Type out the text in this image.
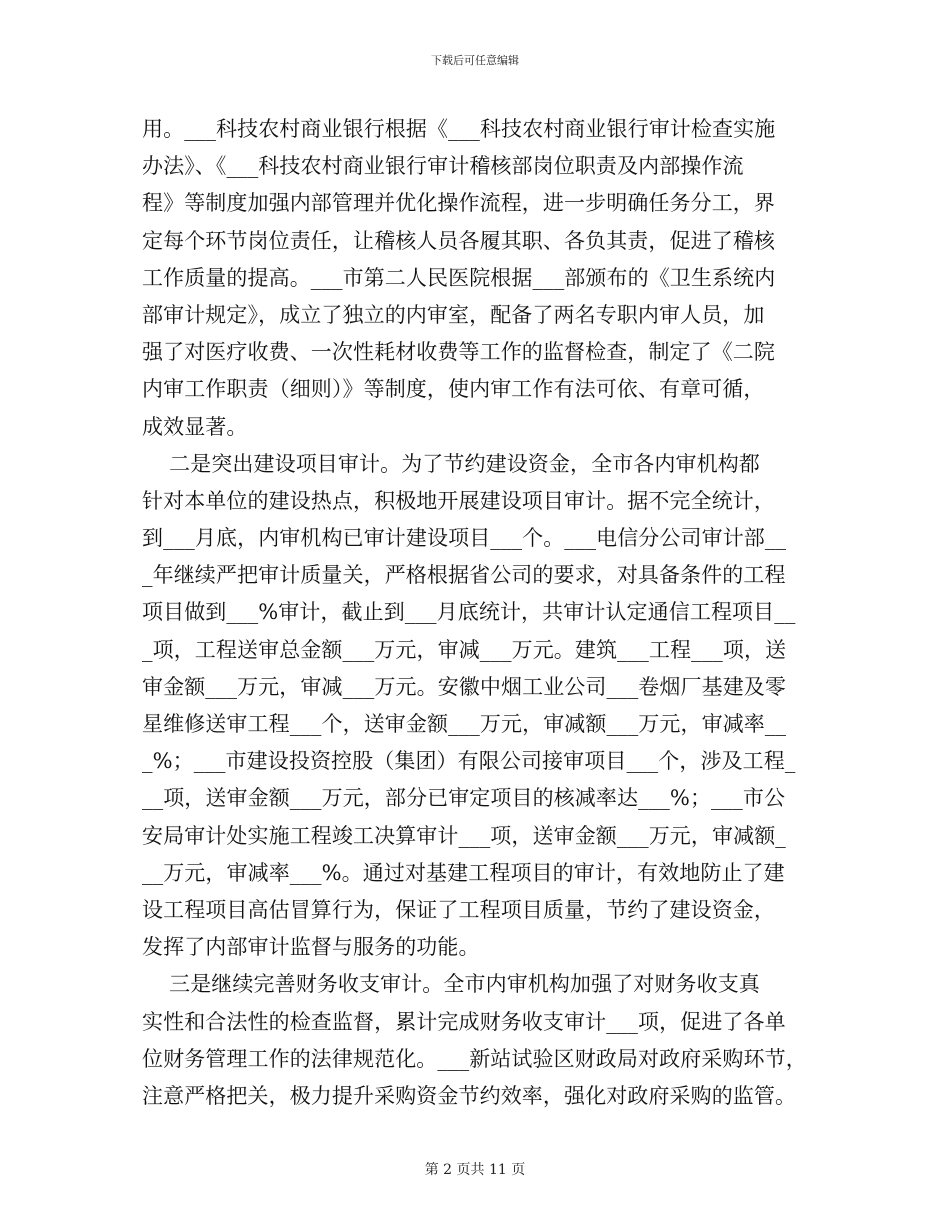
下载后可任意编辑
用。___科技农村商业银行根据《___科技农村商业银行审计检查实施
办法》、《___科技农村商业银行审计稽核部岗位职责及内部操作流
程》等制度加强内部管理并优化操作流程，进一步明确任务分工，界
定每个环节岗位责任，让稽核人员各履其职、各负其责，促进了稽核
工作质量的提高。___市第二人民医院根据___部颁布的《卫生系统内
部审计规定》，成立了独立的内审室，配备了两名专职内审人员，加
强了对医疗收费、一次性耗材收费等工作的监督检查，制定了《二院
内审工作职责（细则）》等制度，使内审工作有法可依、有章可循，
成效显著。
二是突出建设项目审计。为了节约建设资金，全市各内审机构都
针对本单位的建设热点，积极地开展建设项目审计。据不完全统计，
到___月底，内审机构已审计建设项目___个。___电信分公司审计部__
_年继续严把审计质量关，严格根据省公司的要求，对具备条件的工程
项目做到___%审计，截止到___月底统计，共审计认定通信工程项目__
_项，工程送审总金额___万元，审减___万元。建筑___工程___项，送
审金额___万元，审减___万元。安徽中烟工业公司___卷烟厂基建及零
星维修送审工程___个，送审金额___万元，审减额___万元，审减率__
_%；___市建设投资控股（集团）有限公司接审项目___个，涉及工程_
__项，送审金额___万元，部分已审定项目的核减率达___%；___市公
安局审计处实施工程竣工决算审计___项，送审金额___万元，审减额_
__万元，审减率___%。通过对基建工程项目的审计，有效地防止了建
设工程项目高估冒算行为，保证了工程项目质量，节约了建设资金，
发挥了内部审计监督与服务的功能。
三是继续完善财务收支审计。全市内审机构加强了对财务收支真
实性和合法性的检查监督，累计完成财务收支审计___项，促进了各单
位财务管理工作的法律规范化。___新站试验区财政局对政府采购环节，
注意严格把关，极力提升采购资金节约效率，强化对政府采购的监管。
第 2 页共 11 页
